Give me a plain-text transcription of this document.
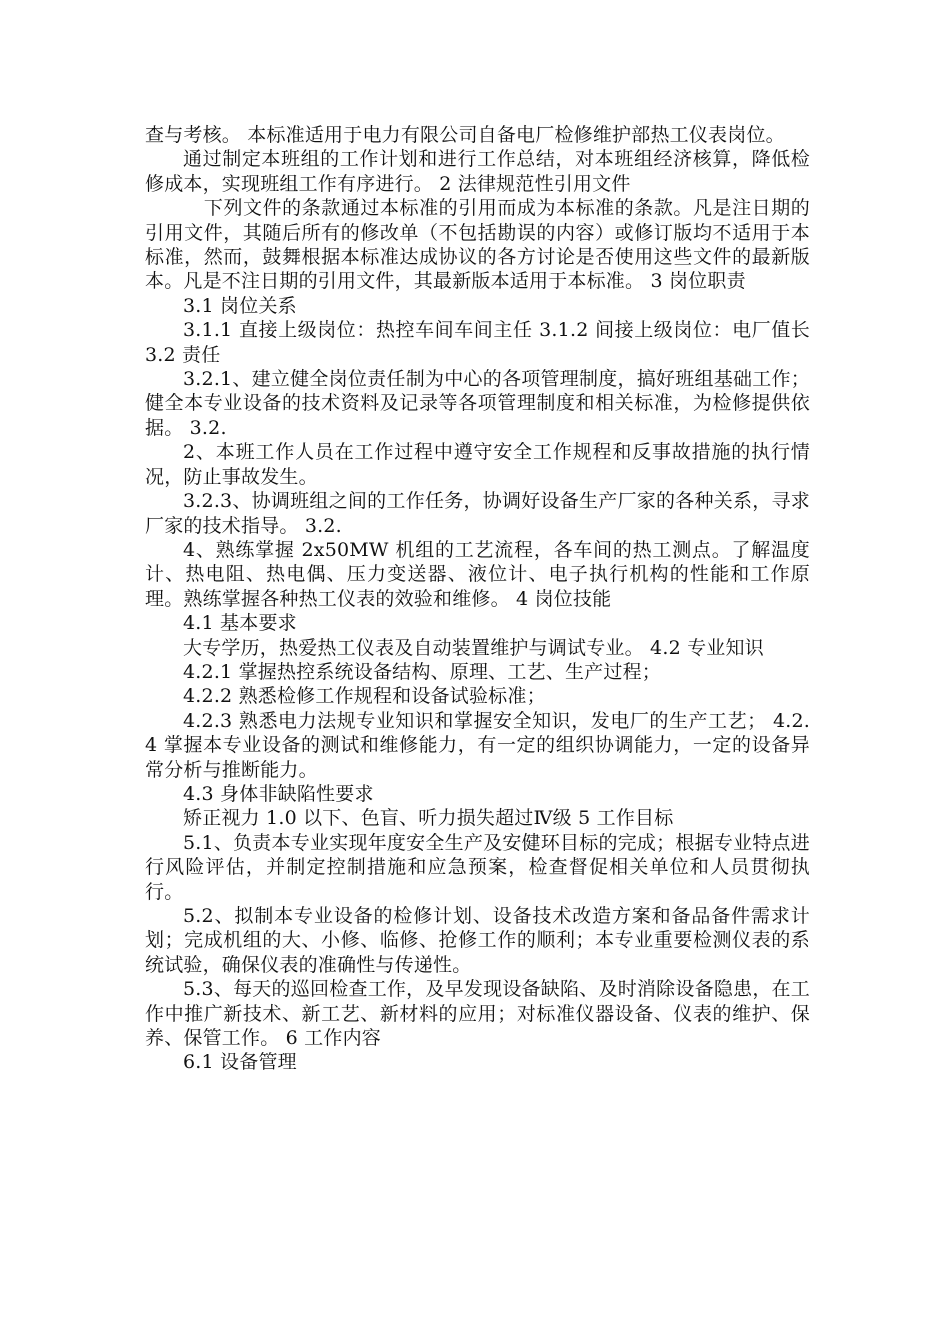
查与考核。 本标准适用于电力有限公司自备电厂检修维护部热工仪表岗位。

通过制定本班组的工作计划和进行工作总结，对本班组经济核算，降低检修成本，实现班组工作有序进行。 2 法律规范性引用文件

下列文件的条款通过本标准的引用而成为本标准的条款。凡是注日期的引用文件，其随后所有的修改单（不包括勘误的内容）或修订版均不适用于本标准，然而，鼓舞根据本标准达成协议的各方讨论是否使用这些文件的最新版本。凡是不注日期的引用文件，其最新版本适用于本标准。 3 岗位职责

3.1 岗位关系

3.1.1 直接上级岗位：热控车间车间主任 3.1.2 间接上级岗位：电厂值长 3.2 责任

3.2.1、建立健全岗位责任制为中心的各项管理制度，搞好班组基础工作；健全本专业设备的技术资料及记录等各项管理制度和相关标准，为检修提供依据。 3.2.

2、本班工作人员在工作过程中遵守安全工作规程和反事故措施的执行情况，防止事故发生。

3.2.3、协调班组之间的工作任务，协调好设备生产厂家的各种关系，寻求厂家的技术指导。 3.2.

4、熟练掌握 2x50MW 机组的工艺流程，各车间的热工测点。了解温度计、热电阻、热电偶、压力变送器、液位计、电子执行机构的性能和工作原理。熟练掌握各种热工仪表的效验和维修。 4 岗位技能

4.1 基本要求

大专学历，热爱热工仪表及自动装置维护与调试专业。 4.2 专业知识

4.2.1 掌握热控系统设备结构、原理、工艺、生产过程；

4.2.2 熟悉检修工作规程和设备试验标准；

4.2.3 熟悉电力法规专业知识和掌握安全知识，发电厂的生产工艺； 4.2.4 掌握本专业设备的测试和维修能力，有一定的组织协调能力，一定的设备异常分析与推断能力。

4.3 身体非缺陷性要求

矫正视力 1.0 以下、色盲、听力损失超过Ⅳ级 5 工作目标

5.1、负责本专业实现年度安全生产及安健环目标的完成；根据专业特点进行风险评估，并制定控制措施和应急预案，检查督促相关单位和人员贯彻执行。

5.2、拟制本专业设备的检修计划、设备技术改造方案和备品备件需求计划；完成机组的大、小修、临修、抢修工作的顺利；本专业重要检测仪表的系统试验，确保仪表的准确性与传递性。

5.3、每天的巡回检查工作，及早发现设备缺陷、及时消除设备隐患，在工作中推广新技术、新工艺、新材料的应用；对标准仪器设备、仪表的维护、保养、保管工作。 6 工作内容

6.1 设备管理
